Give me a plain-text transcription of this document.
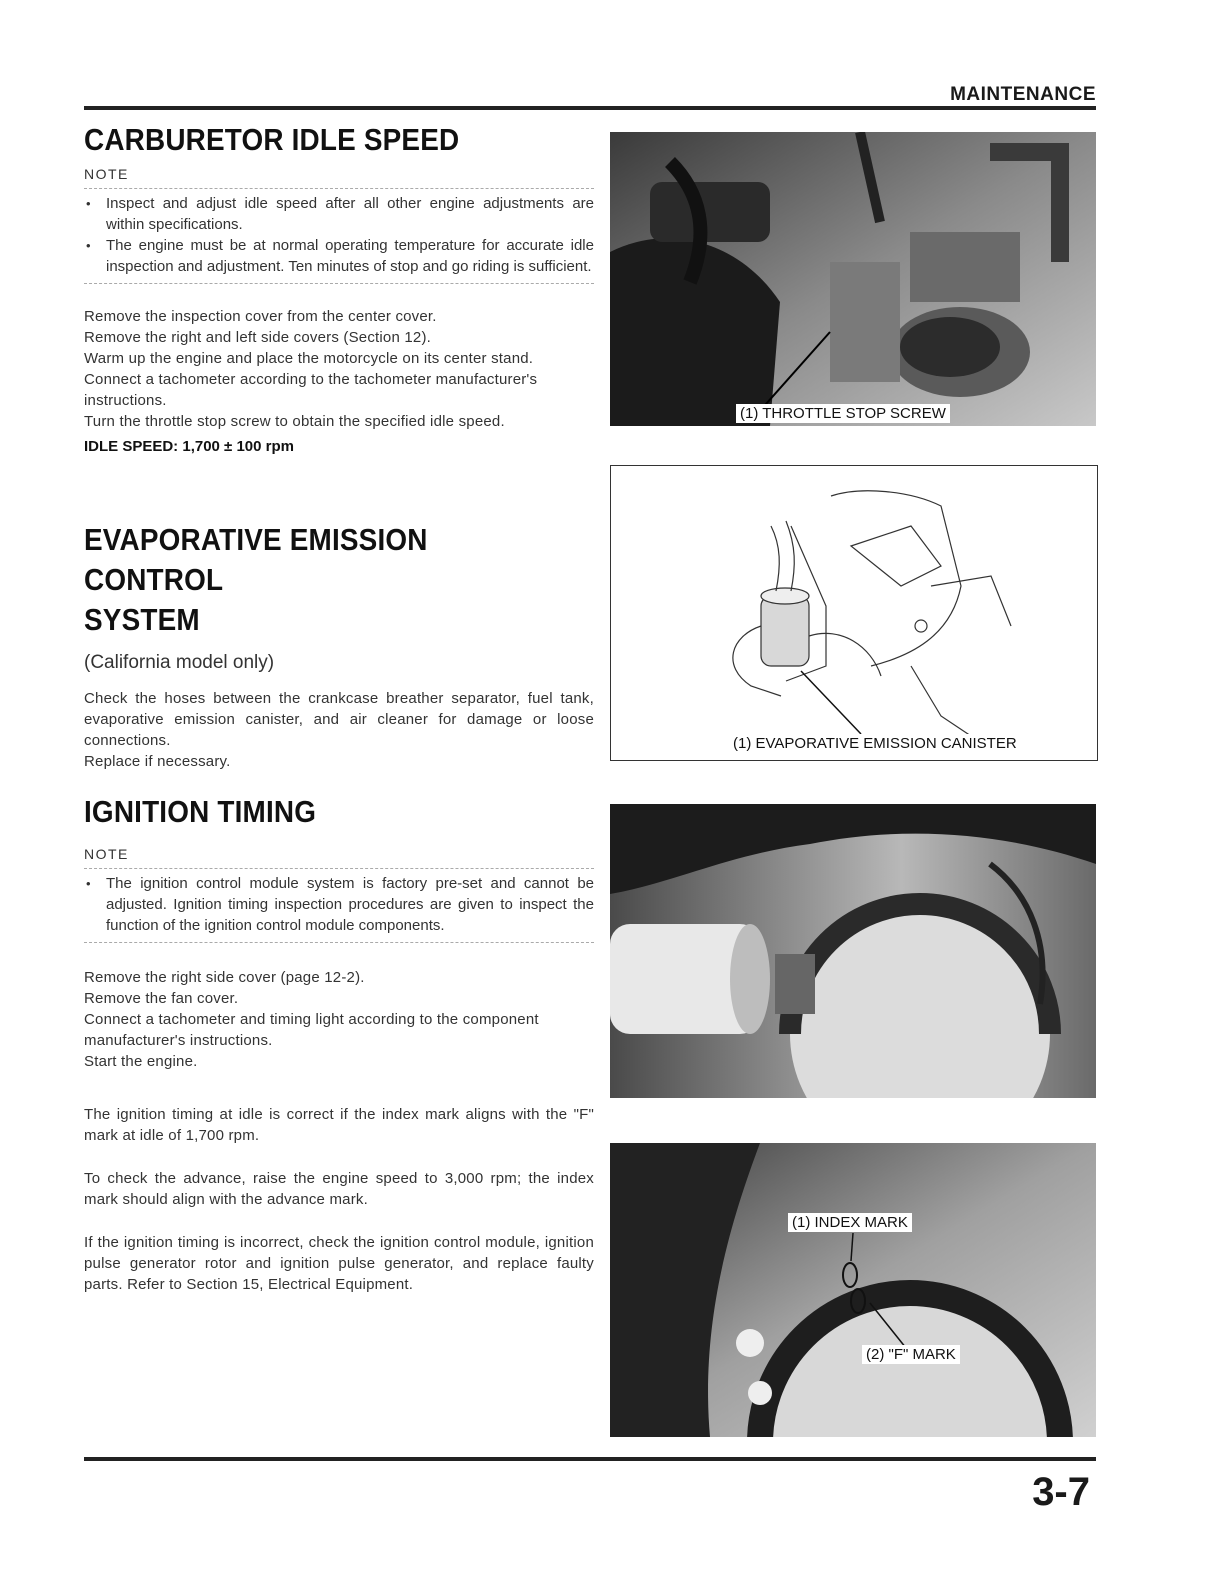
MAINTENANCE
CARBURETOR IDLE SPEED
NOTE
• Inspect and adjust idle speed after all other engine adjustments are within specifications.
• The engine must be at normal operating temperature for accurate idle inspection and adjustment. Ten minutes of stop and go riding is sufficient.

Remove the inspection cover from the center cover.

Remove the right and left side covers (Section 12).

Warm up the engine and place the motorcycle on its center stand.

Connect a tachometer according to the tachometer manufacturer's instructions.

Turn the throttle stop screw to obtain the specified idle speed.

IDLE SPEED: 1,700 ± 100 rpm
EVAPORATIVE EMISSION CONTROL
SYSTEM
(California model only)

Check the hoses between the crankcase breather separator, fuel tank, evaporative emission canister, and air cleaner for damage or loose connections.

Replace if necessary.

IGNITION TIMING
NOTE
• The ignition control module system is factory pre-set and cannot be adjusted. Ignition timing inspection procedures are given to inspect the function of the ignition control module components.

Remove the right side cover (page 12-2).

Remove the fan cover.

Connect a tachometer and timing light according to the component manufacturer's instructions.

Start the engine.

The ignition timing at idle is correct if the index mark aligns with the "F" mark at idle of 1,700 rpm.

To check the advance, raise the engine speed to 3,000 rpm; the index mark should align with the advance mark.

If the ignition timing is incorrect, check the ignition control module, ignition pulse generator rotor and ignition pulse generator, and replace faulty parts. Refer to Section 15, Electrical Equipment.

(1) THROTTLE STOP SCREW
(1) EVAPORATIVE EMISSION CANISTER
(1) INDEX MARK
(2) "F" MARK
3-7
